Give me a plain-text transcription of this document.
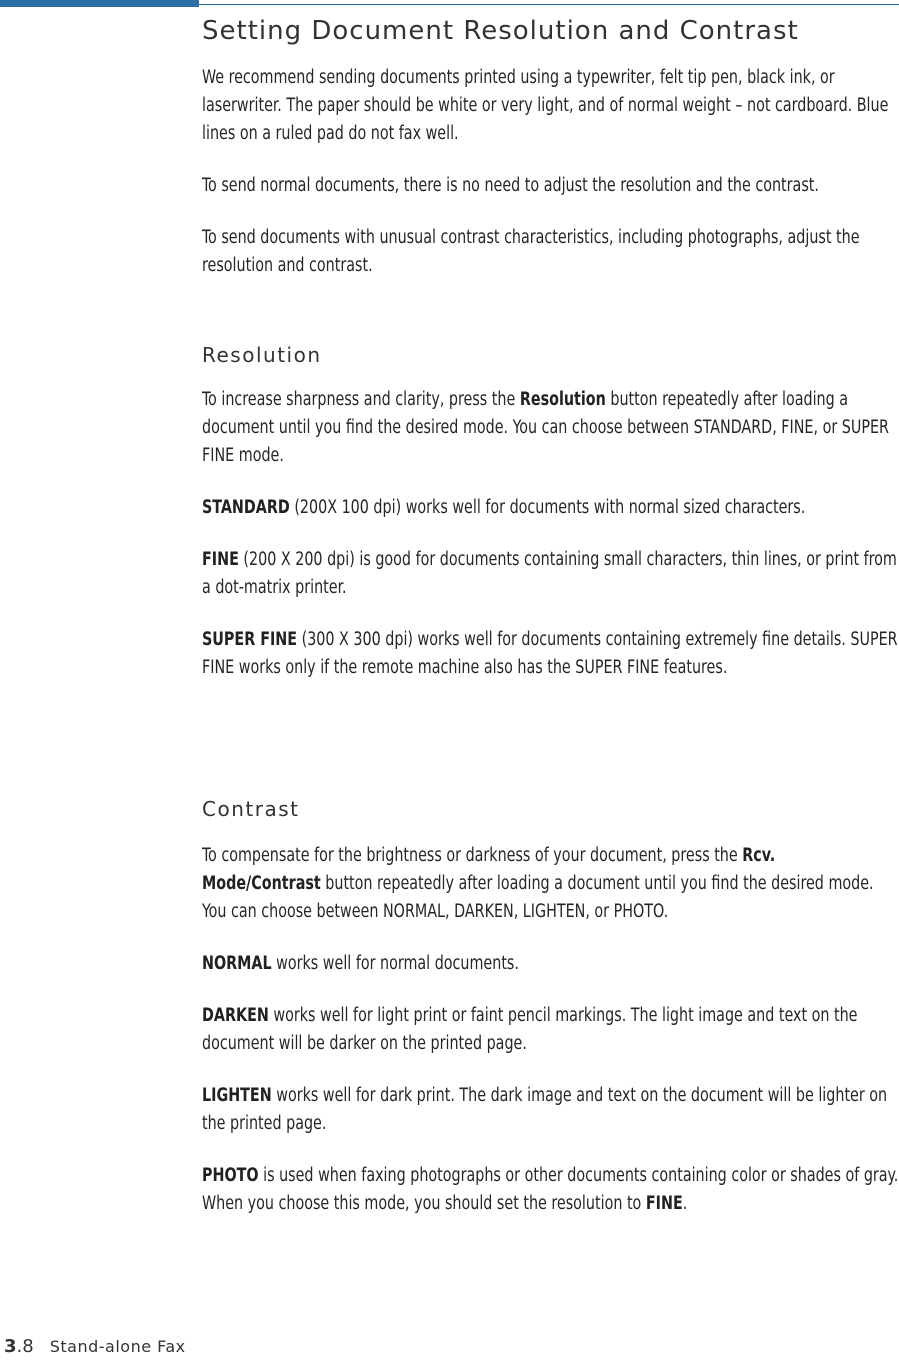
Setting Document Resolution and Contrast

We recommend sending documents printed using a typewriter, felt tip pen, black ink, or laserwriter. The paper should be white or very light, and of normal weight – not cardboard. Blue lines on a ruled pad do not fax well.

To send normal documents, there is no need to adjust the resolution and the contrast.

To send documents with unusual contrast characteristics, including photographs, adjust the resolution and contrast.

Resolution

To increase sharpness and clarity, press the Resolution button repeatedly after loading a document until you find the desired mode. You can choose between STANDARD, FINE, or SUPER FINE mode.

STANDARD (200X 100 dpi) works well for documents with normal sized characters.

FINE (200 X 200 dpi) is good for documents containing small characters, thin lines, or print from a dot-matrix printer.

SUPER FINE (300 X 300 dpi) works well for documents containing extremely fine details. SUPER FINE works only if the remote machine also has the SUPER FINE features.

Contrast

To compensate for the brightness or darkness of your document, press the Rcv. Mode/Contrast button repeatedly after loading a document until you find the desired mode. You can choose between NORMAL, DARKEN, LIGHTEN, or PHOTO.

NORMAL works well for normal documents.

DARKEN works well for light print or faint pencil markings. The light image and text on the document will be darker on the printed page.

LIGHTEN works well for dark print. The dark image and text on the document will be lighter on the printed page.

PHOTO is used when faxing photographs or other documents containing color or shades of gray. When you choose this mode, you should set the resolution to FINE.

3.8 Stand-alone Fax
